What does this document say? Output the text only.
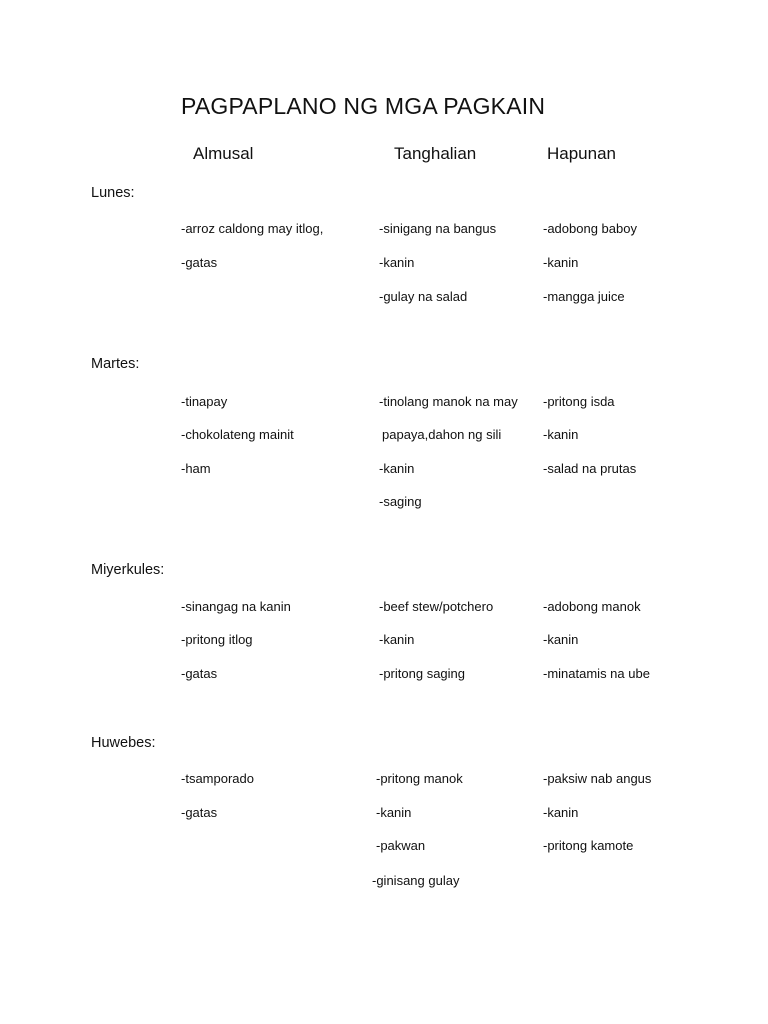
PAGPAPLANO NG MGA PAGKAIN
Almusal	Tanghalian	Hapunan
Lunes:
-arroz caldong may itlog,
-gatas
-sinigang na bangus
-kanin
-gulay na salad
-adobong baboy
-kanin
-mangga juice
Martes:
-tinapay
-chokolateng mainit
-ham
-tinolang manok na may
papaya,dahon ng sili
-kanin
-saging
-pritong isda
-kanin
-salad na prutas
Miyerkules:
-sinangag na kanin
-pritong itlog
-gatas
-beef stew/potchero
-kanin
-pritong saging
-adobong manok
-kanin
-minatamis na ube
Huwebes:
-tsamporado
-gatas
-pritong manok
-kanin
-pakwan
-ginisang gulay
-paksiw nab angus
-kanin
-pritong kamote
